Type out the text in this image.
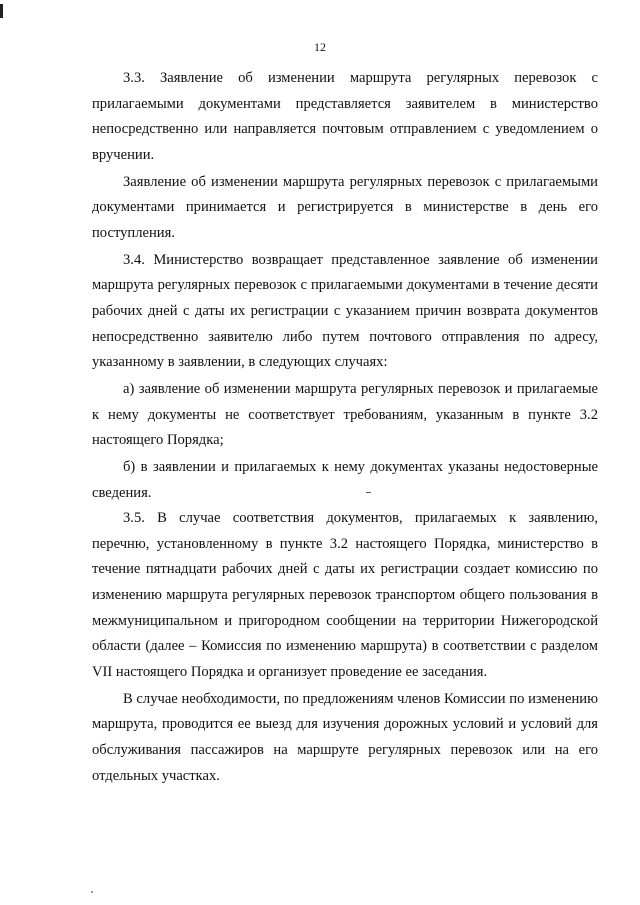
12

3.3. Заявление об изменении маршрута регулярных перевозок с прилагаемыми документами представляется заявителем в министерство непосредственно или направляется почтовым отправлением с уведомлением о вручении.

Заявление об изменении маршрута регулярных перевозок с прилагаемыми документами принимается и регистрируется в министерстве в день его поступления.

3.4. Министерство возвращает представленное заявление об изменении маршрута регулярных перевозок с прилагаемыми документами в течение десяти рабочих дней с даты их регистрации с указанием причин возврата документов непосредственно заявителю либо путем почтового отправления по адресу, указанному в заявлении, в следующих случаях:

а) заявление об изменении маршрута регулярных перевозок и прилагаемые к нему документы не соответствует требованиям, указанным в пункте 3.2 настоящего Порядка;

б) в заявлении и прилагаемых к нему документах указаны недостоверные сведения.

3.5. В случае соответствия документов, прилагаемых к заявлению, перечню, установленному в пункте 3.2 настоящего Порядка, министерство в течение пятнадцати рабочих дней с даты их регистрации создает комиссию по изменению маршрута регулярных перевозок транспортом общего пользования в межмуниципальном и пригородном сообщении на территории Нижегородской области (далее – Комиссия по изменению маршрута) в соответствии с разделом VII настоящего Порядка и организует проведение ее заседания.

В случае необходимости, по предложениям членов Комиссии по изменению маршрута, проводится ее выезд для изучения дорожных условий и условий для обслуживания пассажиров на маршруте регулярных перевозок или на его отдельных участках.
